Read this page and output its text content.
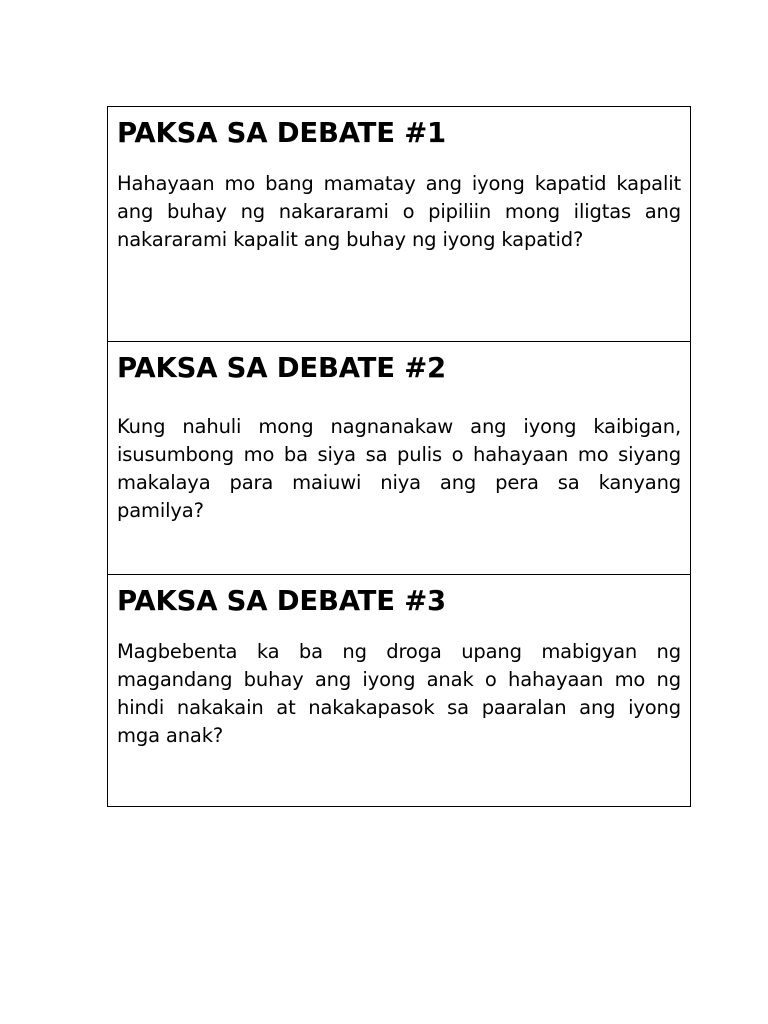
PAKSA SA DEBATE #1

Hahayaan mo bang mamatay ang iyong kapatid kapalit ang buhay ng nakararami o pipiliin mong iligtas ang nakararami kapalit ang buhay ng iyong kapatid?

PAKSA SA DEBATE #2

Kung nahuli mong nagnanakaw ang iyong kaibigan, isusumbong mo ba siya sa pulis o hahayaan mo siyang makalaya para maiuwi niya ang pera sa kanyang pamilya?

PAKSA SA DEBATE #3

Magbebenta ka ba ng droga upang mabigyan ng magandang buhay ang iyong anak o hahayaan mo ng hindi nakakain at nakakapasok sa paaralan ang iyong mga anak?
